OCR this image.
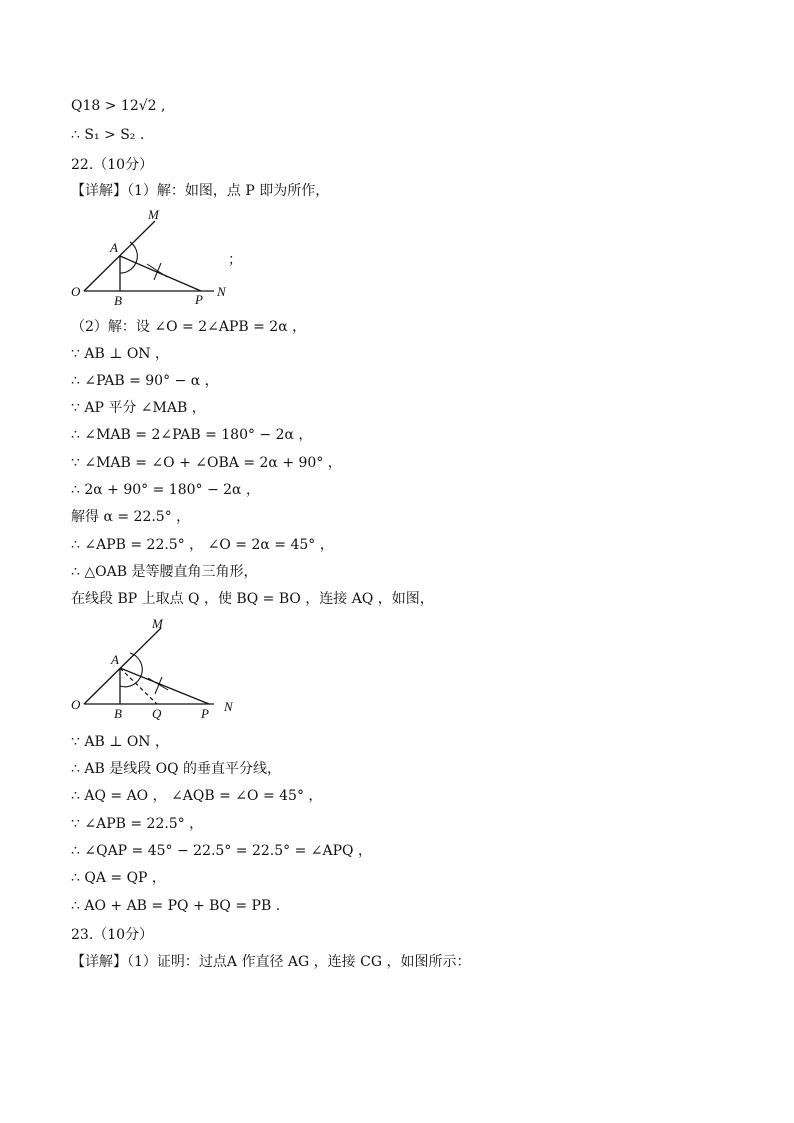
Q18 > 12√2 ,
∴ S₁ > S₂ .
22.（10分）
【详解】（1）解：如图，点 P 即为所作，
M
A
O
B	P
N
；
（2）解：设 ∠O = 2∠APB = 2α ，
∵ AB ⊥ ON ，
∴ ∠PAB = 90° − α ，
∵ AP 平分 ∠MAB ，
∴ ∠MAB = 2∠PAB = 180° − 2α ，
∵ ∠MAB = ∠O + ∠OBA = 2α + 90° ，
∴ 2α + 90° = 180° − 2α ，
解得 α = 22.5° ，
∴ ∠APB = 22.5° ， ∠O = 2α = 45° ，
∴ △OAB 是等腰直角三角形，
在线段 BP 上取点 Q ，使 BQ = BO ，连接 AQ ，如图，
M
A
O
B Q	P N
∵ AB ⊥ ON ，
∴ AB 是线段 OQ 的垂直平分线，
∴ AQ = AO ， ∠AQB = ∠O = 45° ，
∵ ∠APB = 22.5° ，
∴ ∠QAP = 45° − 22.5° = 22.5° = ∠APQ ，
∴ QA = QP ，
∴ AO + AB = PQ + BQ = PB .
23.（10分）
【详解】（1）证明：过点A 作直径 AG ，连接 CG ，如图所示：
